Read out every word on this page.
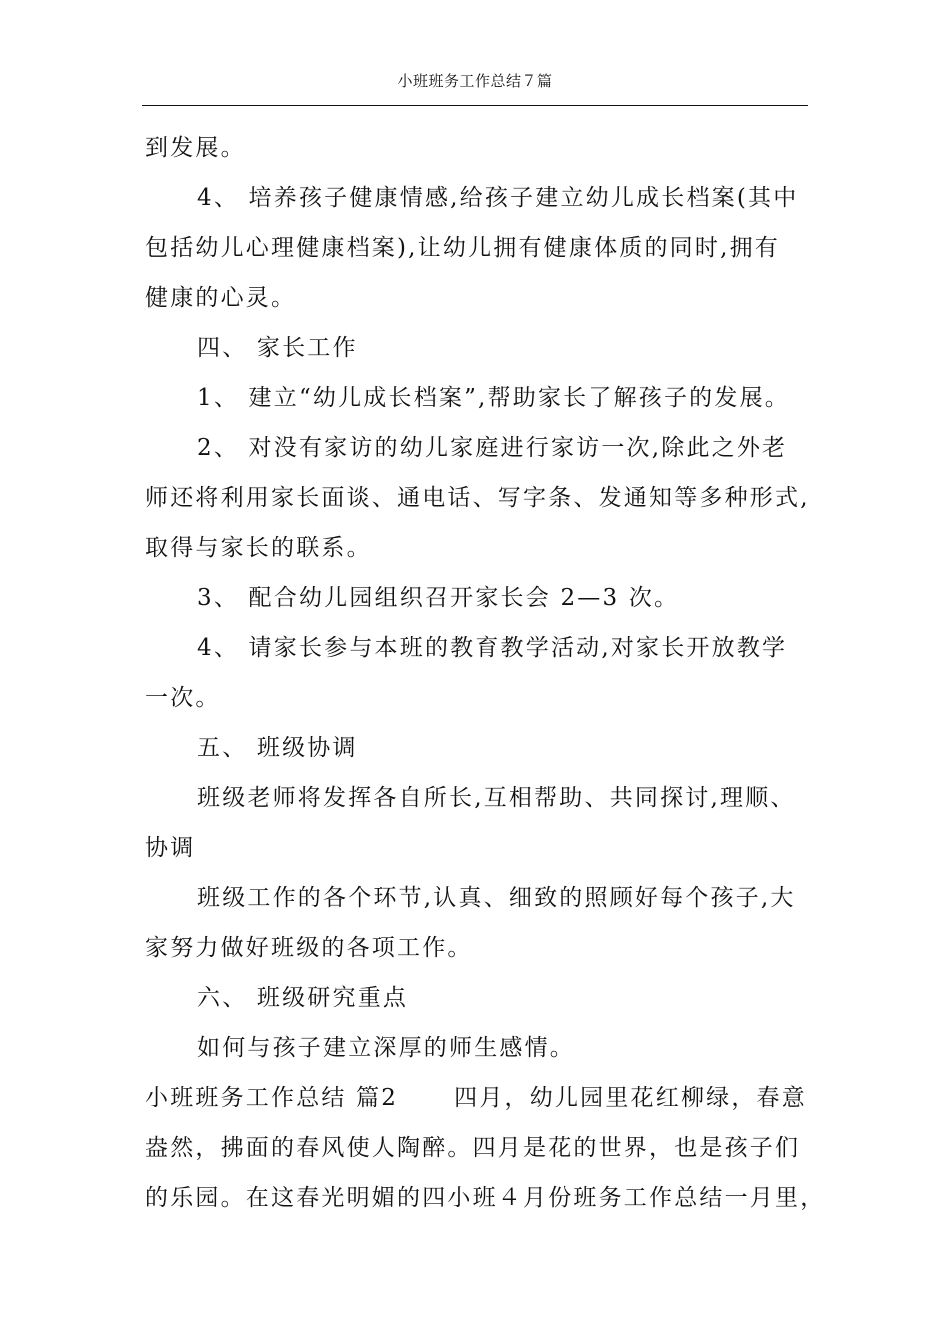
小班班务工作总结７篇
到发展。
4、 培养孩子健康情感,给孩子建立幼儿成长档案(其中
包括幼儿心理健康档案),让幼儿拥有健康体质的同时,拥有
健康的心灵。
四、 家长工作
1、 建立“幼儿成长档案”,帮助家长了解孩子的发展。
2、 对没有家访的幼儿家庭进行家访一次,除此之外老
师还将利用家长面谈、通电话、写字条、发通知等多种形式,
取得与家长的联系。
3、 配合幼儿园组织召开家长会 2—3 次。
4、 请家长参与本班的教育教学活动,对家长开放教学
一次。
五、 班级协调
班级老师将发挥各自所长,互相帮助、共同探讨,理顺、
协调
班级工作的各个环节,认真、细致的照顾好每个孩子,大
家努力做好班级的各项工作。
六、 班级研究重点
如何与孩子建立深厚的师生感情。
小班班务工作总结 篇2 四月，幼儿园里花红柳绿，春意
盎然，拂面的春风使人陶醉。四月是花的世界，也是孩子们
的乐园。在这春光明媚的四小班４月份班务工作总结一月里，
